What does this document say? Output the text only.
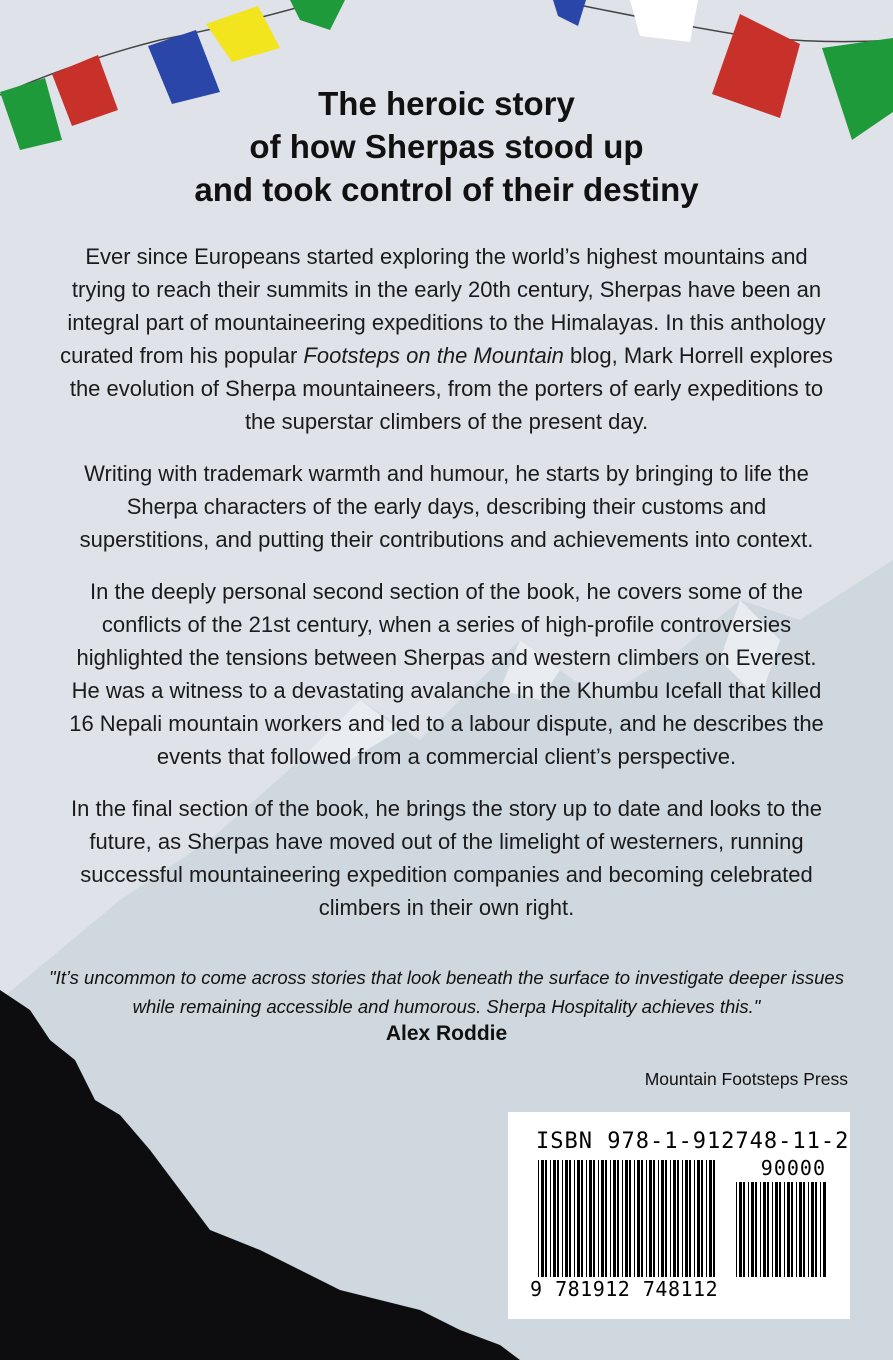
The heroic story
of how Sherpas stood up
and took control of their destiny

Ever since Europeans started exploring the world’s highest mountains and trying to reach their summits in the early 20th century, Sherpas have been an integral part of mountaineering expeditions to the Himalayas. In this anthology curated from his popular Footsteps on the Mountain blog, Mark Horrell explores the evolution of Sherpa mountaineers, from the porters of early expeditions to the superstar climbers of the present day.

Writing with trademark warmth and humour, he starts by bringing to life the Sherpa characters of the early days, describing their customs and superstitions, and putting their contributions and achievements into context.

In the deeply personal second section of the book, he covers some of the conflicts of the 21st century, when a series of high-profile controversies highlighted the tensions between Sherpas and western climbers on Everest. He was a witness to a devastating avalanche in the Khumbu Icefall that killed 16 Nepali mountain workers and led to a labour dispute, and he describes the events that followed from a commercial client’s perspective.

In the final section of the book, he brings the story up to date and looks to the future, as Sherpas have moved out of the limelight of westerners, running successful mountaineering expedition companies and becoming celebrated climbers in their own right.

"It’s uncommon to come across stories that look beneath the surface to investigate deeper issues while remaining accessible and humorous. Sherpa Hospitality achieves this."
Alex Roddie
Mountain Footsteps Press
ISBN 978-1-912748-11-2
90000
9 781912 748112
